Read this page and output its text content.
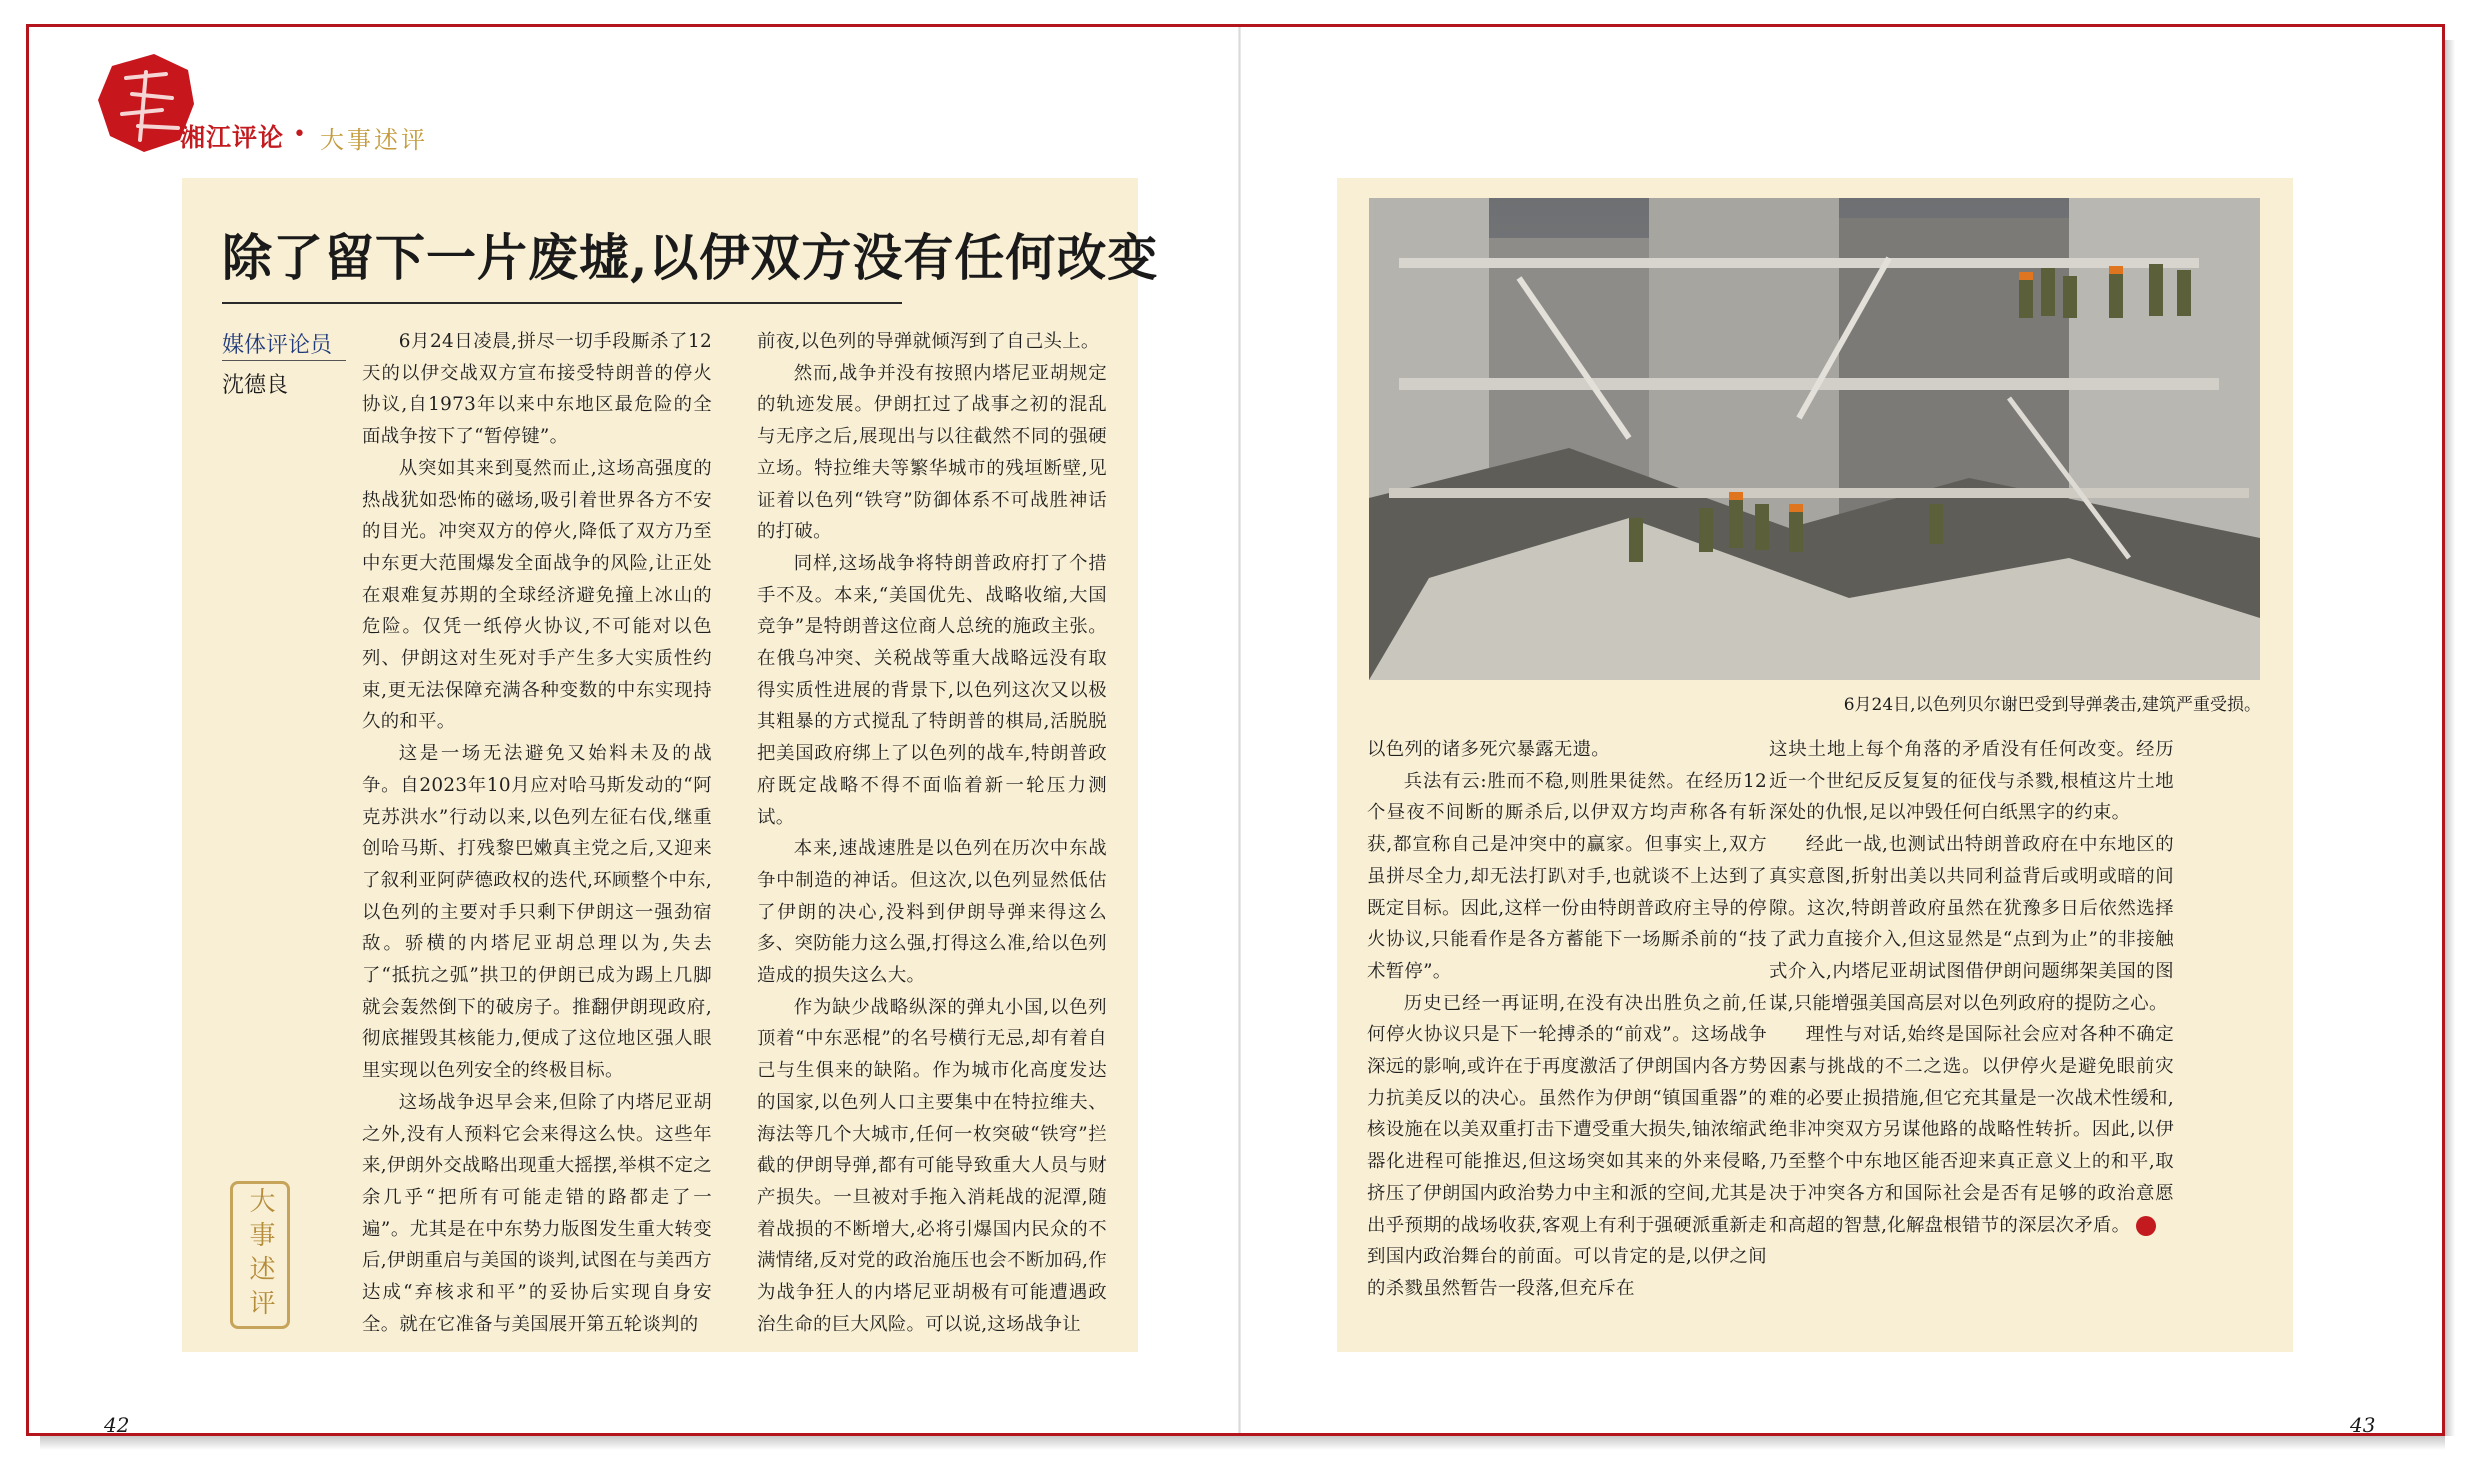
湘江评论 • 大事述评
除了留下一片废墟,以伊双方没有任何改变
媒体评论员
沈德良
大事述评

6月24日凌晨,拼尽一切手段厮杀了12天的以伊交战双方宣布接受特朗普的停火协议,自1973年以来中东地区最危险的全面战争按下了“暂停键”。

从突如其来到戛然而止,这场高强度的热战犹如恐怖的磁场,吸引着世界各方不安的目光。冲突双方的停火,降低了双方乃至中东更大范围爆发全面战争的风险,让正处在艰难复苏期的全球经济避免撞上冰山的危险。仅凭一纸停火协议,不可能对以色列、伊朗这对生死对手产生多大实质性约束,更无法保障充满各种变数的中东实现持久的和平。

这是一场无法避免又始料未及的战争。自2023年10月应对哈马斯发动的“阿克苏洪水”行动以来,以色列左征右伐,继重创哈马斯、打残黎巴嫩真主党之后,又迎来了叙利亚阿萨德政权的迭代,环顾整个中东,以色列的主要对手只剩下伊朗这一强劲宿敌。骄横的内塔尼亚胡总理以为,失去了“抵抗之弧”拱卫的伊朗已成为踢上几脚就会轰然倒下的破房子。推翻伊朗现政府,彻底摧毁其核能力,便成了这位地区强人眼里实现以色列安全的终极目标。

这场战争迟早会来,但除了内塔尼亚胡之外,没有人预料它会来得这么快。这些年来,伊朗外交战略出现重大摇摆,举棋不定之余几乎“把所有可能走错的路都走了一遍”。尤其是在中东势力版图发生重大转变后,伊朗重启与美国的谈判,试图在与美西方达成“弃核求和平”的妥协后实现自身安全。就在它准备与美国展开第五轮谈判的

前夜,以色列的导弹就倾泻到了自己头上。

然而,战争并没有按照内塔尼亚胡规定的轨迹发展。伊朗扛过了战事之初的混乱与无序之后,展现出与以往截然不同的强硬立场。特拉维夫等繁华城市的残垣断壁,见证着以色列“铁穹”防御体系不可战胜神话的打破。

同样,这场战争将特朗普政府打了个措手不及。本来,“美国优先、战略收缩,大国竞争”是特朗普这位商人总统的施政主张。在俄乌冲突、关税战等重大战略远没有取得实质性进展的背景下,以色列这次又以极其粗暴的方式搅乱了特朗普的棋局,活脱脱把美国政府绑上了以色列的战车,特朗普政府既定战略不得不面临着新一轮压力测试。

本来,速战速胜是以色列在历次中东战争中制造的神话。但这次,以色列显然低估了伊朗的决心,没料到伊朗导弹来得这么多、突防能力这么强,打得这么准,给以色列造成的损失这么大。

作为缺少战略纵深的弹丸小国,以色列顶着“中东恶棍”的名号横行无忌,却有着自己与生俱来的缺陷。作为城市化高度发达的国家,以色列人口主要集中在特拉维夫、海法等几个大城市,任何一枚突破“铁穹”拦截的伊朗导弹,都有可能导致重大人员与财产损失。一旦被对手拖入消耗战的泥潭,随着战损的不断增大,必将引爆国内民众的不满情绪,反对党的政治施压也会不断加码,作为战争狂人的内塔尼亚胡极有可能遭遇政治生命的巨大风险。可以说,这场战争让

6月24日,以色列贝尔谢巴受到导弹袭击,建筑严重受损。

以色列的诸多死穴暴露无遗。

兵法有云:胜而不稳,则胜果徒然。在经历12个昼夜不间断的厮杀后,以伊双方均声称各有斩获,都宣称自己是冲突中的赢家。但事实上,双方虽拼尽全力,却无法打趴对手,也就谈不上达到了既定目标。因此,这样一份由特朗普政府主导的停火协议,只能看作是各方蓄能下一场厮杀前的“技术暂停”。

历史已经一再证明,在没有决出胜负之前,任何停火协议只是下一轮搏杀的“前戏”。这场战争深远的影响,或许在于再度激活了伊朗国内各方势力抗美反以的决心。虽然作为伊朗“镇国重器”的核设施在以美双重打击下遭受重大损失,铀浓缩武器化进程可能推迟,但这场突如其来的外来侵略,挤压了伊朗国内政治势力中主和派的空间,尤其是出乎预期的战场收获,客观上有利于强硬派重新走到国内政治舞台的前面。可以肯定的是,以伊之间的杀戮虽然暂告一段落,但充斥在

这块土地上每个角落的矛盾没有任何改变。经历近一个世纪反反复复的征伐与杀戮,根植这片土地深处的仇恨,足以冲毁任何白纸黑字的约束。

经此一战,也测试出特朗普政府在中东地区的真实意图,折射出美以共同利益背后或明或暗的间隙。这次,特朗普政府虽然在犹豫多日后依然选择了武力直接介入,但这显然是“点到为止”的非接触式介入,内塔尼亚胡试图借伊朗问题绑架美国的图谋,只能增强美国高层对以色列政府的提防之心。

理性与对话,始终是国际社会应对各种不确定因素与挑战的不二之选。以伊停火是避免眼前灾难的必要止损措施,但它充其量是一次战术性缓和,绝非冲突双方另谋他路的战略性转折。因此,以伊乃至整个中东地区能否迎来真正意义上的和平,取决于冲突各方和国际社会是否有足够的政治意愿和高超的智慧,化解盘根错节的深层次矛盾。

42	43
